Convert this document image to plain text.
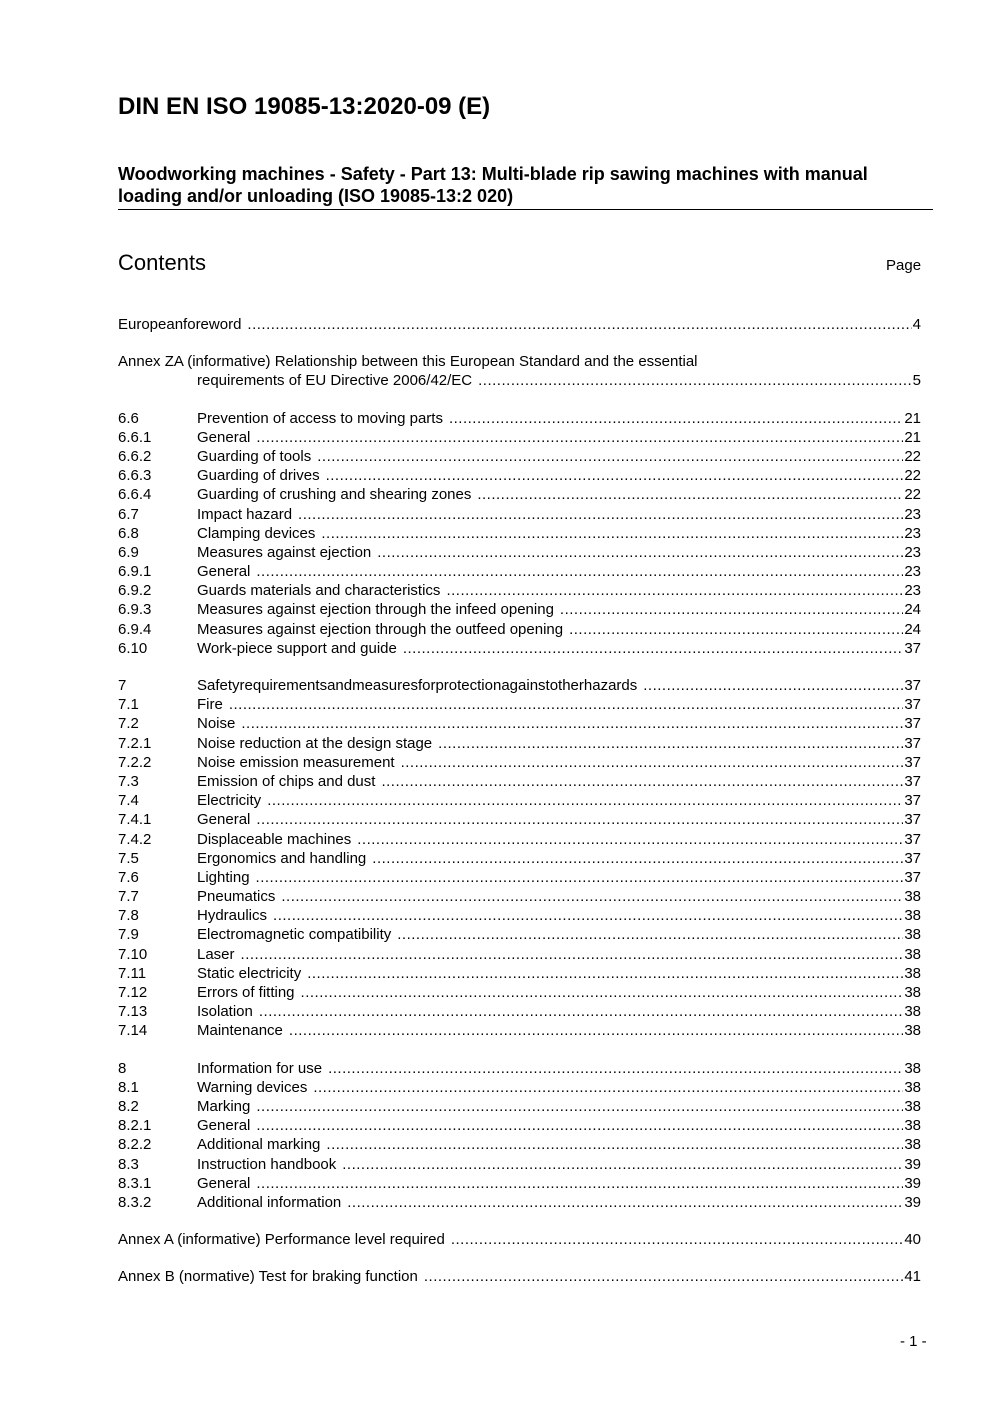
DIN EN ISO 19085-13:2020-09 (E)
Woodworking machines - Safety - Part 13: Multi-blade rip sawing machines with manual loading and/or unloading (ISO 19085-13:2 020)
Contents	Page
Europeanforeword .....	4
Annex ZA (informative) Relationship between this European Standard and the essential
requirements of EU Directive 2006/42/EC .....	5
6.6	Prevention of access to moving parts .....	21
6.6.1	General .....	21
6.6.2	Guarding of tools .....	22
6.6.3	Guarding of drives .....	22
6.6.4	Guarding of crushing and shearing zones .....	22
6.7	Impact hazard .....	23
6.8	Clamping devices .....	23
6.9	Measures against ejection .....	23
6.9.1	General .....	23
6.9.2	Guards materials and characteristics .....	23
6.9.3	Measures against ejection through the infeed opening .....	24
6.9.4	Measures against ejection through the outfeed opening .....	24
6.10	Work-piece support and guide .....	37
7	Safetyrequirementsandmeasuresforprotectionagainstotherhazards .....	37
7.1	Fire .....	37
7.2	Noise .....	37
7.2.1	Noise reduction at the design stage .....	37
7.2.2	Noise emission measurement .....	37
7.3	Emission of chips and dust .....	37
7.4	Electricity .....	37
7.4.1	General .....	37
7.4.2	Displaceable machines .....	37
7.5	Ergonomics and handling .....	37
7.6	Lighting .....	37
7.7	Pneumatics .....	38
7.8	Hydraulics .....	38
7.9	Electromagnetic compatibility .....	38
7.10	Laser .....	38
7.11	Static electricity .....	38
7.12	Errors of fitting .....	38
7.13	Isolation .....	38
7.14	Maintenance .....	38
8	Information for use .....	38
8.1	Warning devices .....	38
8.2	Marking .....	38
8.2.1	General .....	38
8.2.2	Additional marking .....	38
8.3	Instruction handbook .....	39
8.3.1	General .....	39
8.3.2	Additional information .....	39
Annex A (informative) Performance level required .....	40
Annex B (normative) Test for braking function .....	41
- 1 -
